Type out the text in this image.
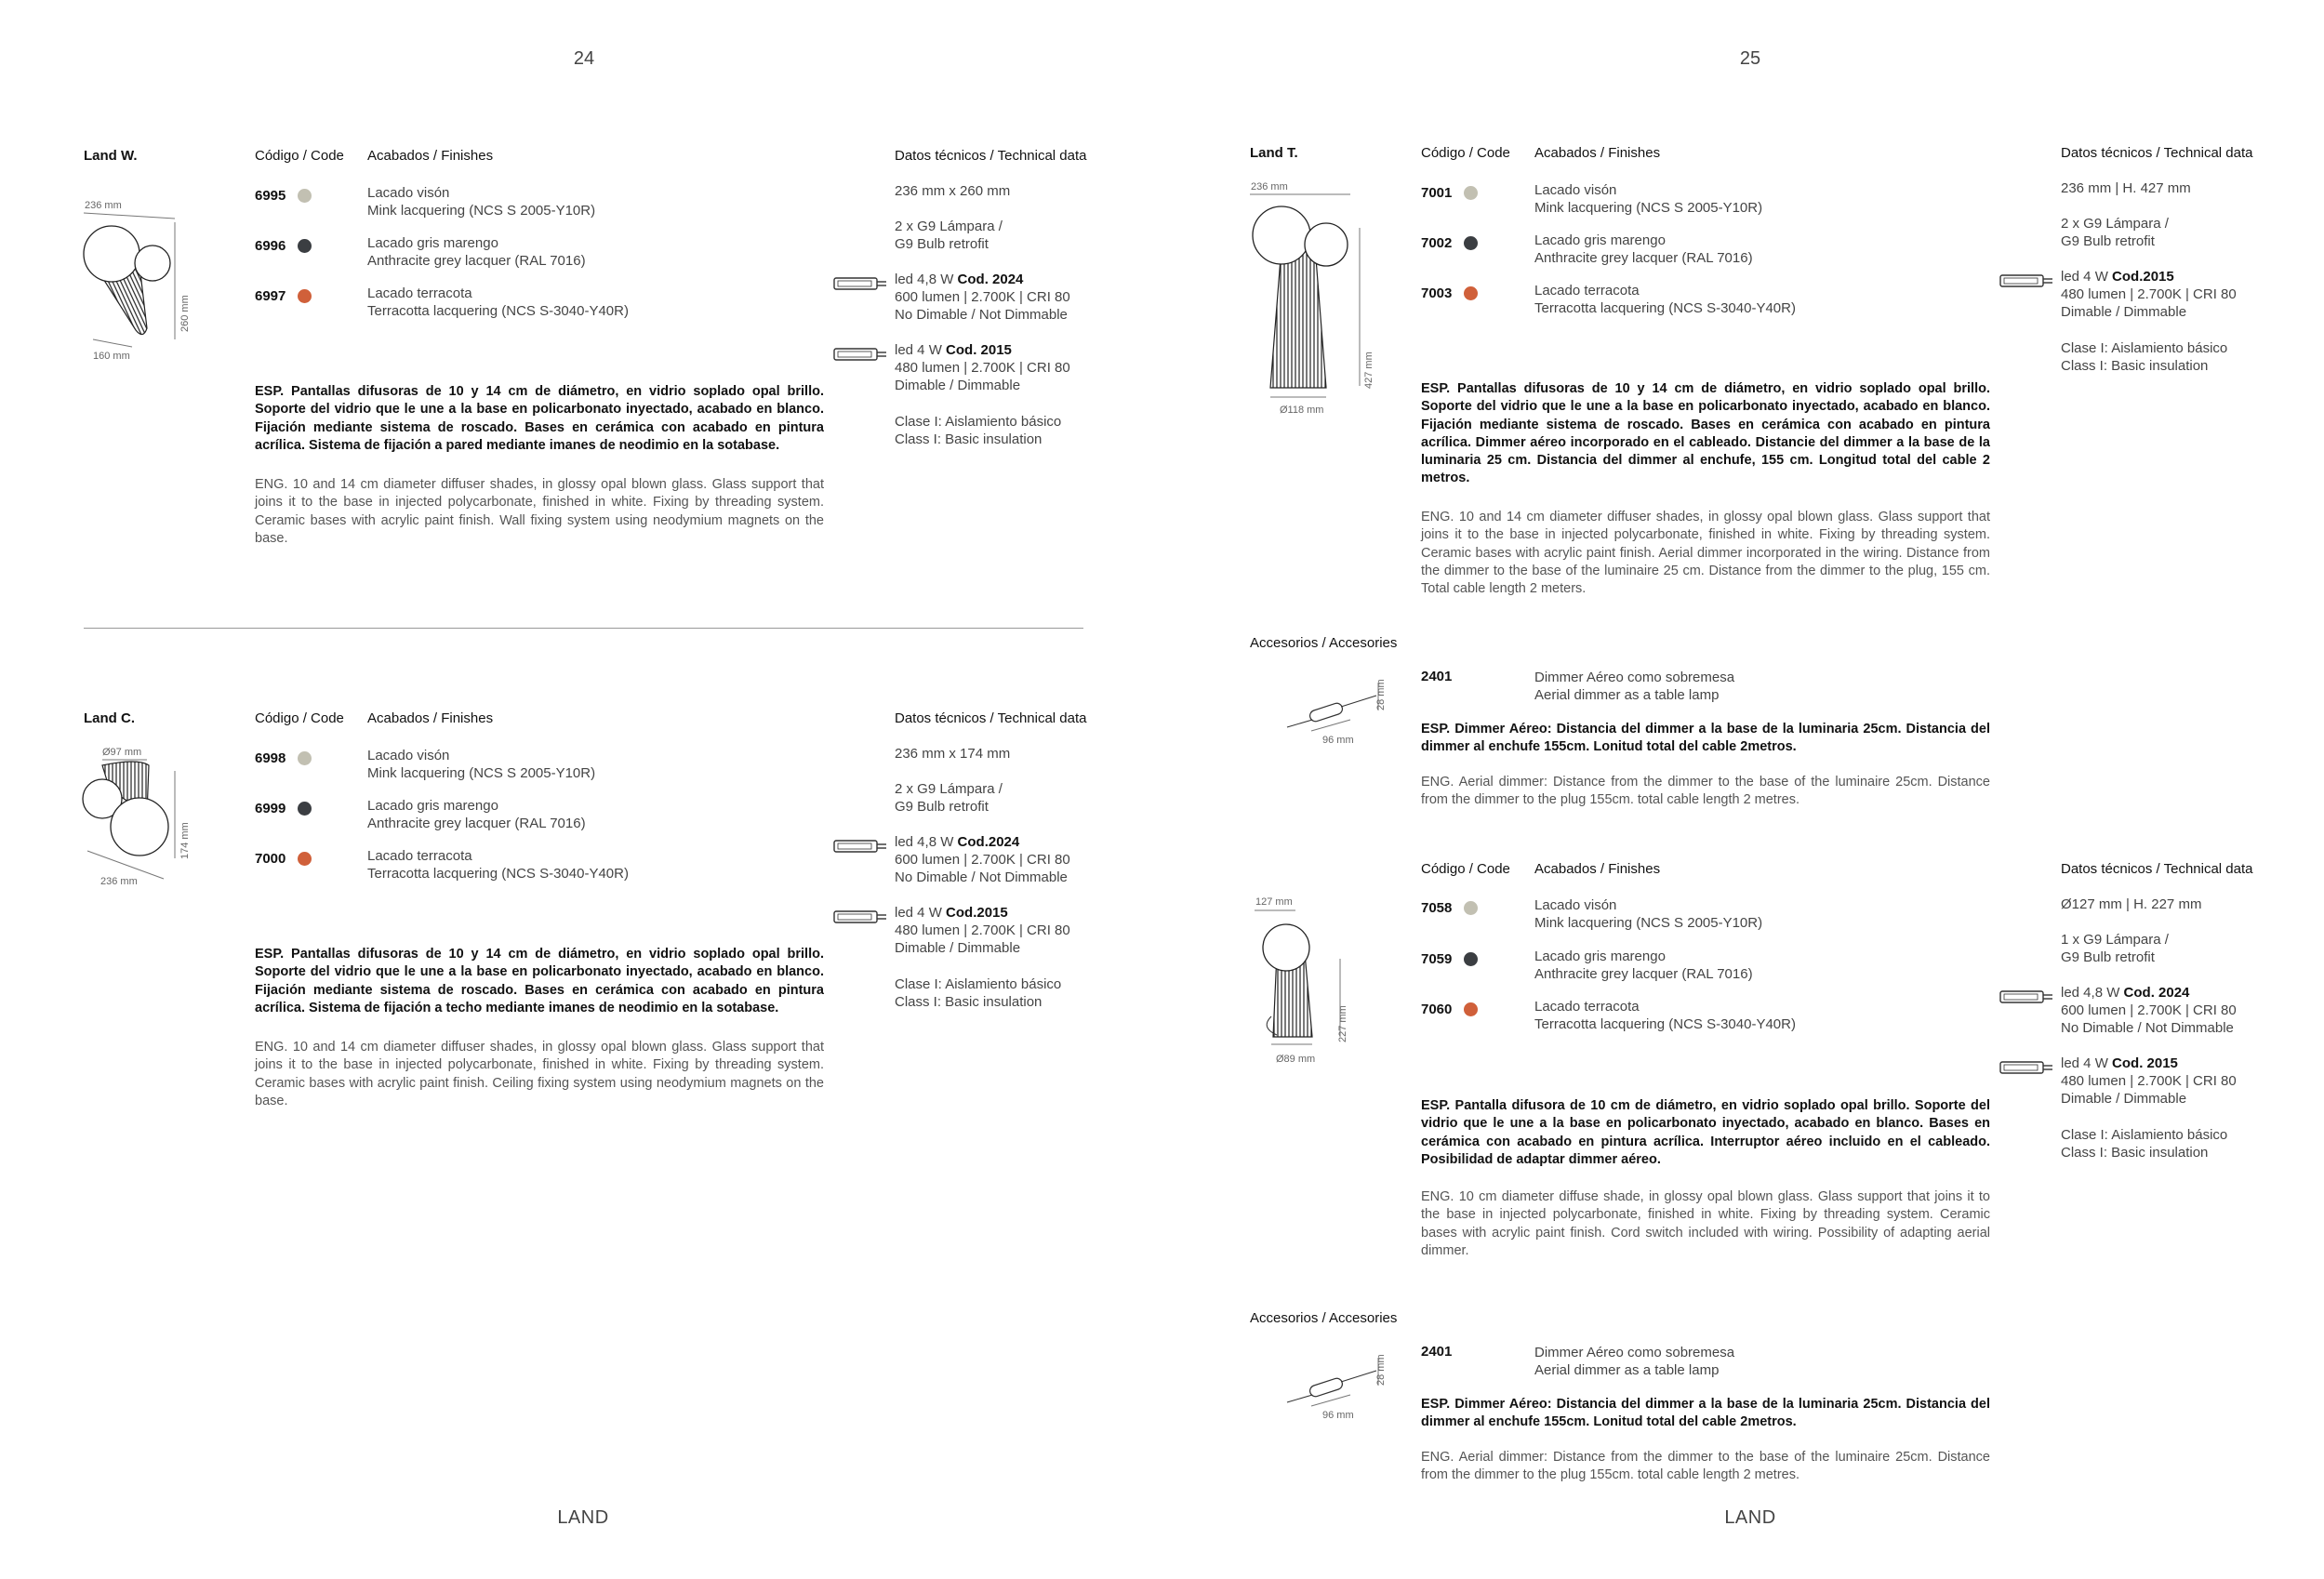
24
Land W.	Código / Code Acabados / Finishes	Datos técnicos / Technical data
236 mm
260 mm
160 mm
6995	Lacado visón
Mink lacquering (NCS S 2005-Y10R)
6996	Lacado gris marengo
Anthracite grey lacquer (RAL 7016)
6997	Lacado terracota
Terracotta lacquering (NCS S-3040-Y40R)
236 mm x 260 mm
2 x G9 Lámpara /
G9 Bulb retrofit
led 4,8 W Cod. 2024
600 lumen | 2.700K | CRI 80
No Dimable / Not Dimmable
led 4 W Cod. 2015
480 lumen | 2.700K | CRI 80
Dimable / Dimmable
Clase I: Aislamiento básico
Class I: Basic insulation
ESP. Pantallas difusoras de 10 y 14 cm de diámetro, en vidrio soplado opal brillo. Soporte del vidrio que le une a la base en policarbonato inyectado, acabado en blanco. Fijación mediante sistema de roscado. Bases en cerámica con acabado en pintura acrílica. Sistema de fijación a pared mediante imanes de neodimio en la sotabase.
ENG. 10 and 14 cm diameter diffuser shades, in glossy opal blown glass. Glass support that joins it to the base in injected polycarbonate, finished in white. Fixing by threading system. Ceramic bases with acrylic paint finish. Wall fixing system using neodymium magnets on the base.
Land C.	Código / Code Acabados / Finishes	Datos técnicos / Technical data
Ø97 mm
174 mm
236 mm
6998	Lacado visón
Mink lacquering (NCS S 2005-Y10R)
6999	Lacado gris marengo
Anthracite grey lacquer (RAL 7016)
7000	Lacado terracota
Terracotta lacquering (NCS S-3040-Y40R)
236 mm x 174 mm
2 x G9 Lámpara /
G9 Bulb retrofit
led 4,8 W Cod.2024
600 lumen | 2.700K | CRI 80
No Dimable / Not Dimmable
led 4 W Cod.2015
480 lumen | 2.700K | CRI 80
Dimable / Dimmable
Clase I: Aislamiento básico
Class I: Basic insulation
ESP. Pantallas difusoras de 10 y 14 cm de diámetro, en vidrio soplado opal brillo. Soporte del vidrio que le une a la base en policarbonato inyectado, acabado en blanco. Fijación mediante sistema de roscado. Bases en cerámica con acabado en pintura acrílica. Sistema de fijación a techo mediante imanes de neodimio en la sotabase.
ENG. 10 and 14 cm diameter diffuser shades, in glossy opal blown glass. Glass support that joins it to the base in injected polycarbonate, finished in white. Fixing by threading system. Ceramic bases with acrylic paint finish. Ceiling fixing system using neodymium magnets on the base.
LAND
25
Land T.	Código / Code Acabados / Finishes	Datos técnicos / Technical data
236 mm
427 mm
Ø118 mm
7001	Lacado visón
Mink lacquering (NCS S 2005-Y10R)
7002	Lacado gris marengo
Anthracite grey lacquer (RAL 7016)
7003	Lacado terracota
Terracotta lacquering (NCS S-3040-Y40R)
236 mm | H. 427 mm
2 x G9 Lámpara /
G9 Bulb retrofit
led 4 W Cod.2015
480 lumen | 2.700K | CRI 80
Dimable / Dimmable
Clase I: Aislamiento básico
Class I: Basic insulation
ESP. Pantallas difusoras de 10 y 14 cm de diámetro, en vidrio soplado opal brillo. Soporte del vidrio que le une a la base en policarbonato inyectado, acabado en blanco. Fijación mediante sistema de roscado. Bases en cerámica con acabado en pintura acrílica. Dimmer aéreo incorporado en el cableado. Distancie del dimmer a la base de la luminaria 25 cm. Distancia del dimmer al enchufe, 155 cm. Longitud total del cable 2 metros.
ENG. 10 and 14 cm diameter diffuser shades, in glossy opal blown glass. Glass support that joins it to the base in injected polycarbonate, finished in white. Fixing by threading system. Ceramic bases with acrylic paint finish. Aerial dimmer incorporated in the wiring. Distance from the dimmer to the base of the luminaire 25 cm. Distance from the dimmer to the plug, 155 cm. Total cable length 2 meters.
Accesorios / Accesories
28 mm
96 mm
2401	Dimmer Aéreo como sobremesa
Aerial dimmer as a table lamp
ESP. Dimmer Aéreo: Distancia del dimmer a la base de la luminaria 25cm. Distancia del dimmer al enchufe 155cm. Lonitud total del cable 2metros.
ENG. Aerial dimmer: Distance from the dimmer to the base of the luminaire 25cm. Distance from the dimmer to the plug 155cm. total cable length 2 metres.
Código / Code Acabados / Finishes	Datos técnicos / Technical data
127 mm
227 mm
Ø89 mm
7058	Lacado visón
Mink lacquering (NCS S 2005-Y10R)
7059	Lacado gris marengo
Anthracite grey lacquer (RAL 7016)
7060	Lacado terracota
Terracotta lacquering (NCS S-3040-Y40R)
Ø127 mm | H. 227 mm
1 x G9 Lámpara /
G9 Bulb retrofit
led 4,8 W Cod. 2024
600 lumen | 2.700K | CRI 80
No Dimable / Not Dimmable
led 4 W Cod. 2015
480 lumen | 2.700K | CRI 80
Dimable / Dimmable
Clase I: Aislamiento básico
Class I: Basic insulation
ESP. Pantalla difusora de 10 cm de diámetro, en vidrio soplado opal brillo. Soporte del vidrio que le une a la base en policarbonato inyectado, acabado en blanco. Bases en cerámica con acabado en pintura acrílica. Interruptor aéreo incluido en el cableado. Posibilidad de adaptar dimmer aéreo.
ENG. 10 cm diameter diffuse shade, in glossy opal blown glass. Glass support that joins it to the base in injected polycarbonate, finished in white. Fixing by threading system. Ceramic bases with acrylic paint finish. Cord switch included with wiring. Possibility of adapting aerial dimmer.
Accesorios / Accesories
28 mm
96 mm
2401	Dimmer Aéreo como sobremesa
Aerial dimmer as a table lamp
ESP. Dimmer Aéreo: Distancia del dimmer a la base de la luminaria 25cm. Distancia del dimmer al enchufe 155cm. Lonitud total del cable 2metros.
ENG. Aerial dimmer: Distance from the dimmer to the base of the luminaire 25cm. Distance from the dimmer to the plug 155cm. total cable length 2 metres.
LAND
